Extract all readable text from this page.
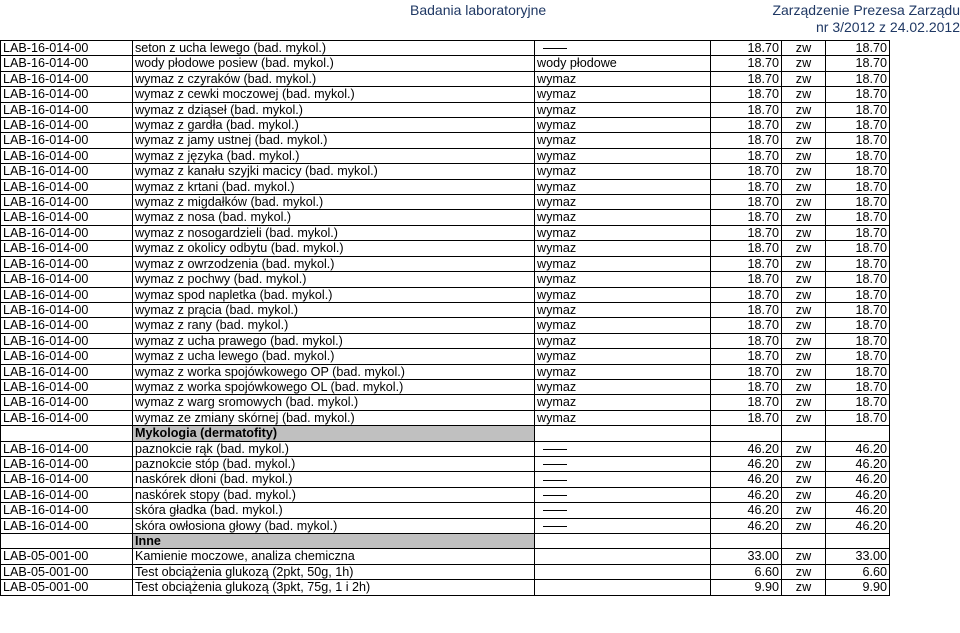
Badania laboratoryjne	Zarządzenie Prezesa Zarządu
nr 3/2012 z 24.02.2012
LAB-16-014-00	seton z ucha lewego (bad. mykol.)		18.70	zw	18.70
LAB-16-014-00	wody płodowe posiew (bad. mykol.)	wody płodowe	18.70	zw	18.70
LAB-16-014-00	wymaz z czyraków (bad. mykol.)	wymaz	18.70	zw	18.70
LAB-16-014-00	wymaz z cewki moczowej (bad. mykol.)	wymaz	18.70	zw	18.70
LAB-16-014-00	wymaz z dziąseł (bad. mykol.)	wymaz	18.70	zw	18.70
LAB-16-014-00	wymaz z gardła (bad. mykol.)	wymaz	18.70	zw	18.70
LAB-16-014-00	wymaz z jamy ustnej (bad. mykol.)	wymaz	18.70	zw	18.70
LAB-16-014-00	wymaz z języka (bad. mykol.)	wymaz	18.70	zw	18.70
LAB-16-014-00	wymaz z kanału szyjki macicy (bad. mykol.)	wymaz	18.70	zw	18.70
LAB-16-014-00	wymaz z krtani (bad. mykol.)	wymaz	18.70	zw	18.70
LAB-16-014-00	wymaz z migdałków (bad. mykol.)	wymaz	18.70	zw	18.70
LAB-16-014-00	wymaz z nosa (bad. mykol.)	wymaz	18.70	zw	18.70
LAB-16-014-00	wymaz z nosogardzieli (bad. mykol.)	wymaz	18.70	zw	18.70
LAB-16-014-00	wymaz z okolicy odbytu (bad. mykol.)	wymaz	18.70	zw	18.70
LAB-16-014-00	wymaz z owrzodzenia (bad. mykol.)	wymaz	18.70	zw	18.70
LAB-16-014-00	wymaz z pochwy (bad. mykol.)	wymaz	18.70	zw	18.70
LAB-16-014-00	wymaz spod napletka (bad. mykol.)	wymaz	18.70	zw	18.70
LAB-16-014-00	wymaz z prącia (bad. mykol.)	wymaz	18.70	zw	18.70
LAB-16-014-00	wymaz z rany (bad. mykol.)	wymaz	18.70	zw	18.70
LAB-16-014-00	wymaz z ucha prawego (bad. mykol.)	wymaz	18.70	zw	18.70
LAB-16-014-00	wymaz z ucha lewego (bad. mykol.)	wymaz	18.70	zw	18.70
LAB-16-014-00	wymaz z worka spojówkowego OP (bad. mykol.)	wymaz	18.70	zw	18.70
LAB-16-014-00	wymaz z worka spojówkowego OL (bad. mykol.)	wymaz	18.70	zw	18.70
LAB-16-014-00	wymaz z warg sromowych (bad. mykol.)	wymaz	18.70	zw	18.70
LAB-16-014-00	wymaz ze zmiany skórnej (bad. mykol.)	wymaz	18.70	zw	18.70
	Mykologia (dermatofity)				
LAB-16-014-00	paznokcie rąk (bad. mykol.)		46.20	zw	46.20
LAB-16-014-00	paznokcie stóp (bad. mykol.)		46.20	zw	46.20
LAB-16-014-00	naskórek dłoni (bad. mykol.)		46.20	zw	46.20
LAB-16-014-00	naskórek stopy (bad. mykol.)		46.20	zw	46.20
LAB-16-014-00	skóra gładka (bad. mykol.)		46.20	zw	46.20
LAB-16-014-00	skóra owłosiona głowy (bad. mykol.)		46.20	zw	46.20
	Inne				
LAB-05-001-00	Kamienie moczowe, analiza chemiczna		33.00	zw	33.00
LAB-05-001-00	Test obciążenia glukozą (2pkt, 50g, 1h)		6.60	zw	6.60
LAB-05-001-00	Test obciążenia glukozą (3pkt, 75g, 1 i 2h)		9.90	zw	9.90
